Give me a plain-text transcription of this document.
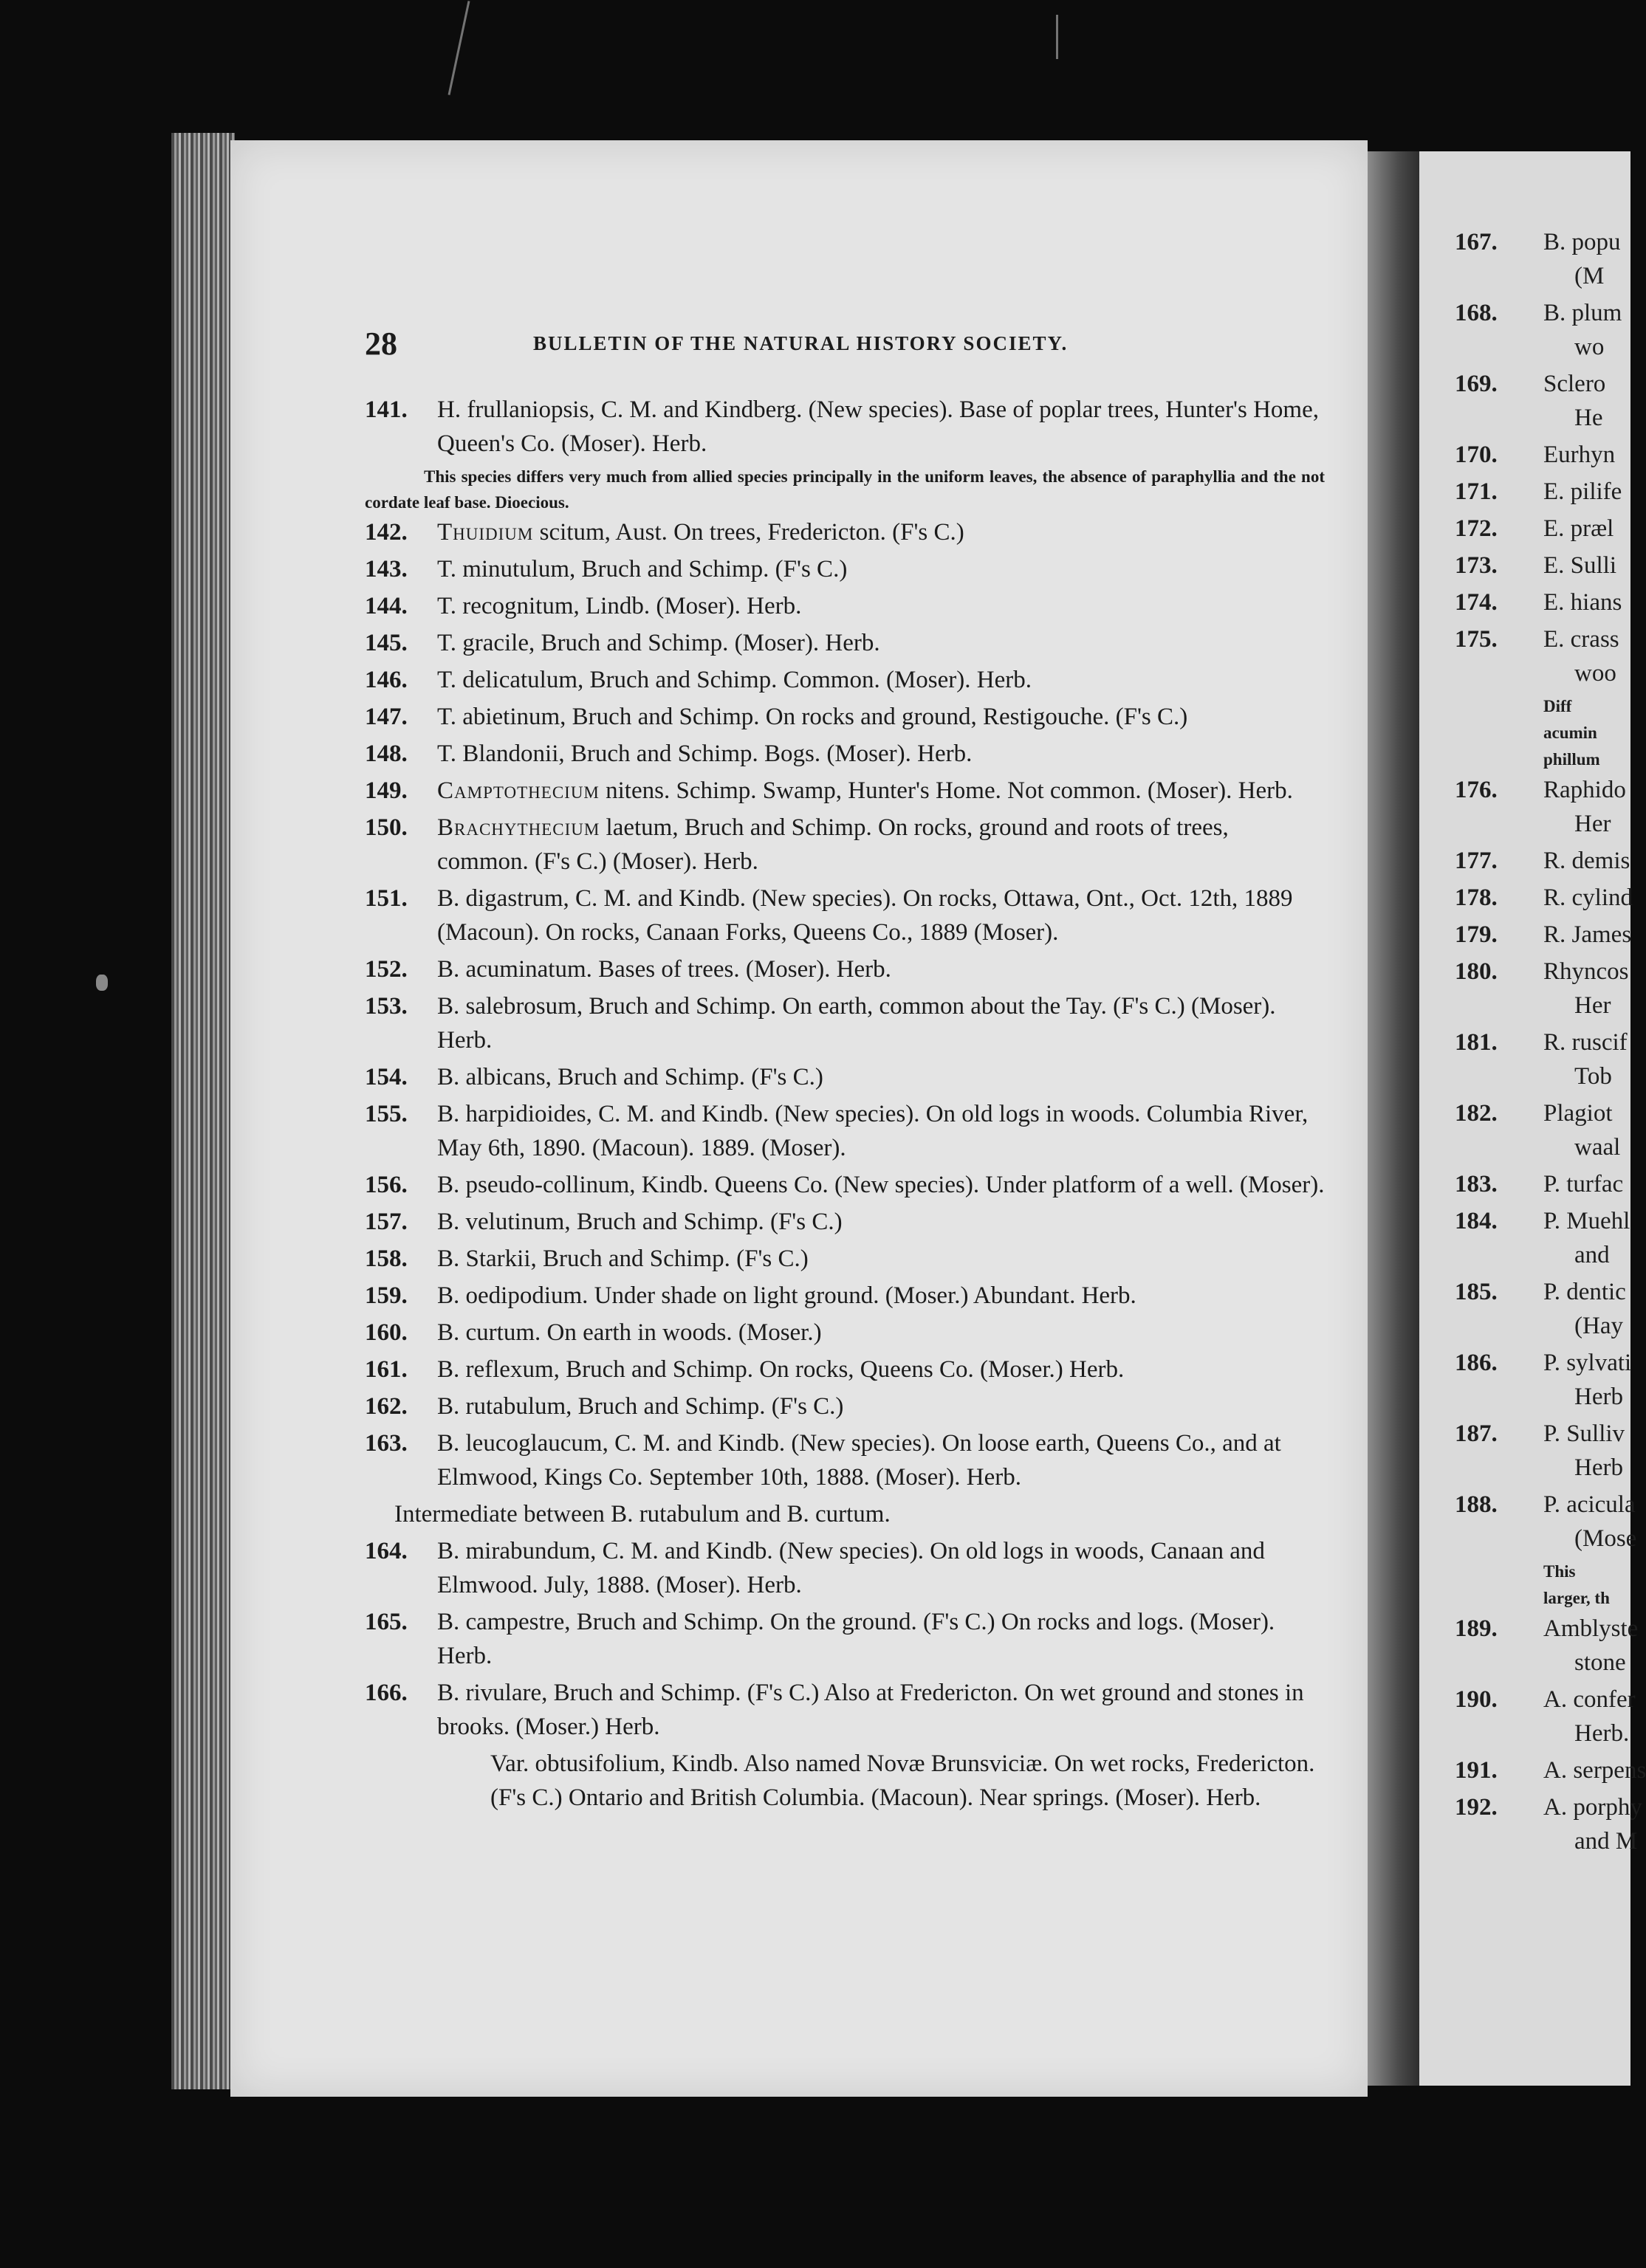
167. B. popu
(M
168. B. plum
wo
169. Sclero
He
170. Eurhyn
171. E. pilife
172. E. præl
173. E. Sulli
174. E. hians
175. E. crass
woo
Diff
acumin
phillum
176. Raphido
Her
177. R. demis
178. R. cylind
179. R. James
180. Rhyncos
Her
181. R. ruscif
Tob
182. Plagiot
waal
183. P. turfac
184. P. Muehl
and
185. P. dentic
(Hay
186. P. sylvati
Herb
187. P. Sulliv
Herb
188. P. acicula
(Mose
This
larger, th
189. Amblyste
stone
190. A. confer
Herb.
191. A. serpens
192. A. porphy
and M
28	BULLETIN OF THE NATURAL HISTORY SOCIETY.
141. H. frullaniopsis, C. M. and Kindberg. (New species). Base of poplar trees, Hunter's Home, Queen's Co. (Moser). Herb.
This species differs very much from allied species principally in the uniform leaves, the absence of paraphyllia and the not cordate leaf base. Dioecious.
142. Thuidium scitum, Aust. On trees, Fredericton. (F's C.)
143. T. minutulum, Bruch and Schimp. (F's C.)
144. T. recognitum, Lindb. (Moser). Herb.
145. T. gracile, Bruch and Schimp. (Moser). Herb.
146. T. delicatulum, Bruch and Schimp. Common. (Moser). Herb.
147. T. abietinum, Bruch and Schimp. On rocks and ground, Restigouche. (F's C.)
148. T. Blandonii, Bruch and Schimp. Bogs. (Moser). Herb.
149. Camptothecium nitens. Schimp. Swamp, Hunter's Home. Not common. (Moser). Herb.
150. Brachythecium laetum, Bruch and Schimp. On rocks, ground and roots of trees, common. (F's C.) (Moser). Herb.
151. B. digastrum, C. M. and Kindb. (New species). On rocks, Ottawa, Ont., Oct. 12th, 1889 (Macoun). On rocks, Canaan Forks, Queens Co., 1889 (Moser).
152. B. acuminatum. Bases of trees. (Moser). Herb.
153. B. salebrosum, Bruch and Schimp. On earth, common about the Tay. (F's C.) (Moser). Herb.
154. B. albicans, Bruch and Schimp. (F's C.)
155. B. harpidioides, C. M. and Kindb. (New species). On old logs in woods. Columbia River, May 6th, 1890. (Macoun). 1889. (Moser).
156. B. pseudo-collinum, Kindb. Queens Co. (New species). Under platform of a well. (Moser).
157. B. velutinum, Bruch and Schimp. (F's C.)
158. B. Starkii, Bruch and Schimp. (F's C.)
159. B. oedipodium. Under shade on light ground. (Moser.) Abundant. Herb.
160. B. curtum. On earth in woods. (Moser.)
161. B. reflexum, Bruch and Schimp. On rocks, Queens Co. (Moser.) Herb.
162. B. rutabulum, Bruch and Schimp. (F's C.)
163. B. leucoglaucum, C. M. and Kindb. (New species). On loose earth, Queens Co., and at Elmwood, Kings Co. September 10th, 1888. (Moser). Herb.
Intermediate between B. rutabulum and B. curtum.
164. B. mirabundum, C. M. and Kindb. (New species). On old logs in woods, Canaan and Elmwood. July, 1888. (Moser). Herb.
165. B. campestre, Bruch and Schimp. On the ground. (F's C.) On rocks and logs. (Moser). Herb.
166. B. rivulare, Bruch and Schimp. (F's C.) Also at Fredericton. On wet ground and stones in brooks. (Moser.) Herb.
Var. obtusifolium, Kindb. Also named Novæ Brunsviciæ. On wet rocks, Fredericton. (F's C.) Ontario and British Columbia. (Macoun). Near springs. (Moser). Herb.
